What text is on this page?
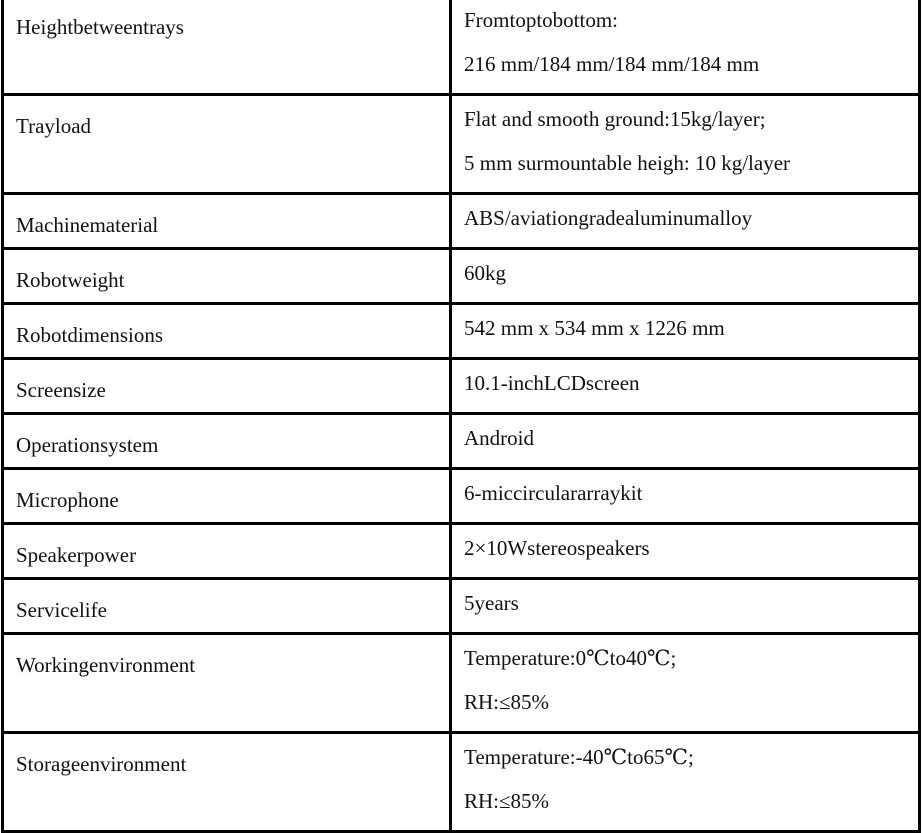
Heightbetweentrays	Fromtoptobottom:
216 mm/184 mm/184 mm/184 mm

Trayload	Flat and smooth ground:15kg/layer;
5 mm surmountable heigh: 10 kg/layer

Machinematerial	ABS/aviationgradealuminumalloy

Robotweight	60kg

Robotdimensions	542 mm x 534 mm x 1226 mm

Screensize	10.1-inchLCDscreen

Operationsystem	Android

Microphone	6-miccirculararraykit

Speakerpower	2×10Wstereospeakers

Servicelife	5years

Workingenvironment	Temperature:0℃to40℃;
RH:≤85%

Storageenvironment	Temperature:-40℃to65℃;
RH:≤85%
